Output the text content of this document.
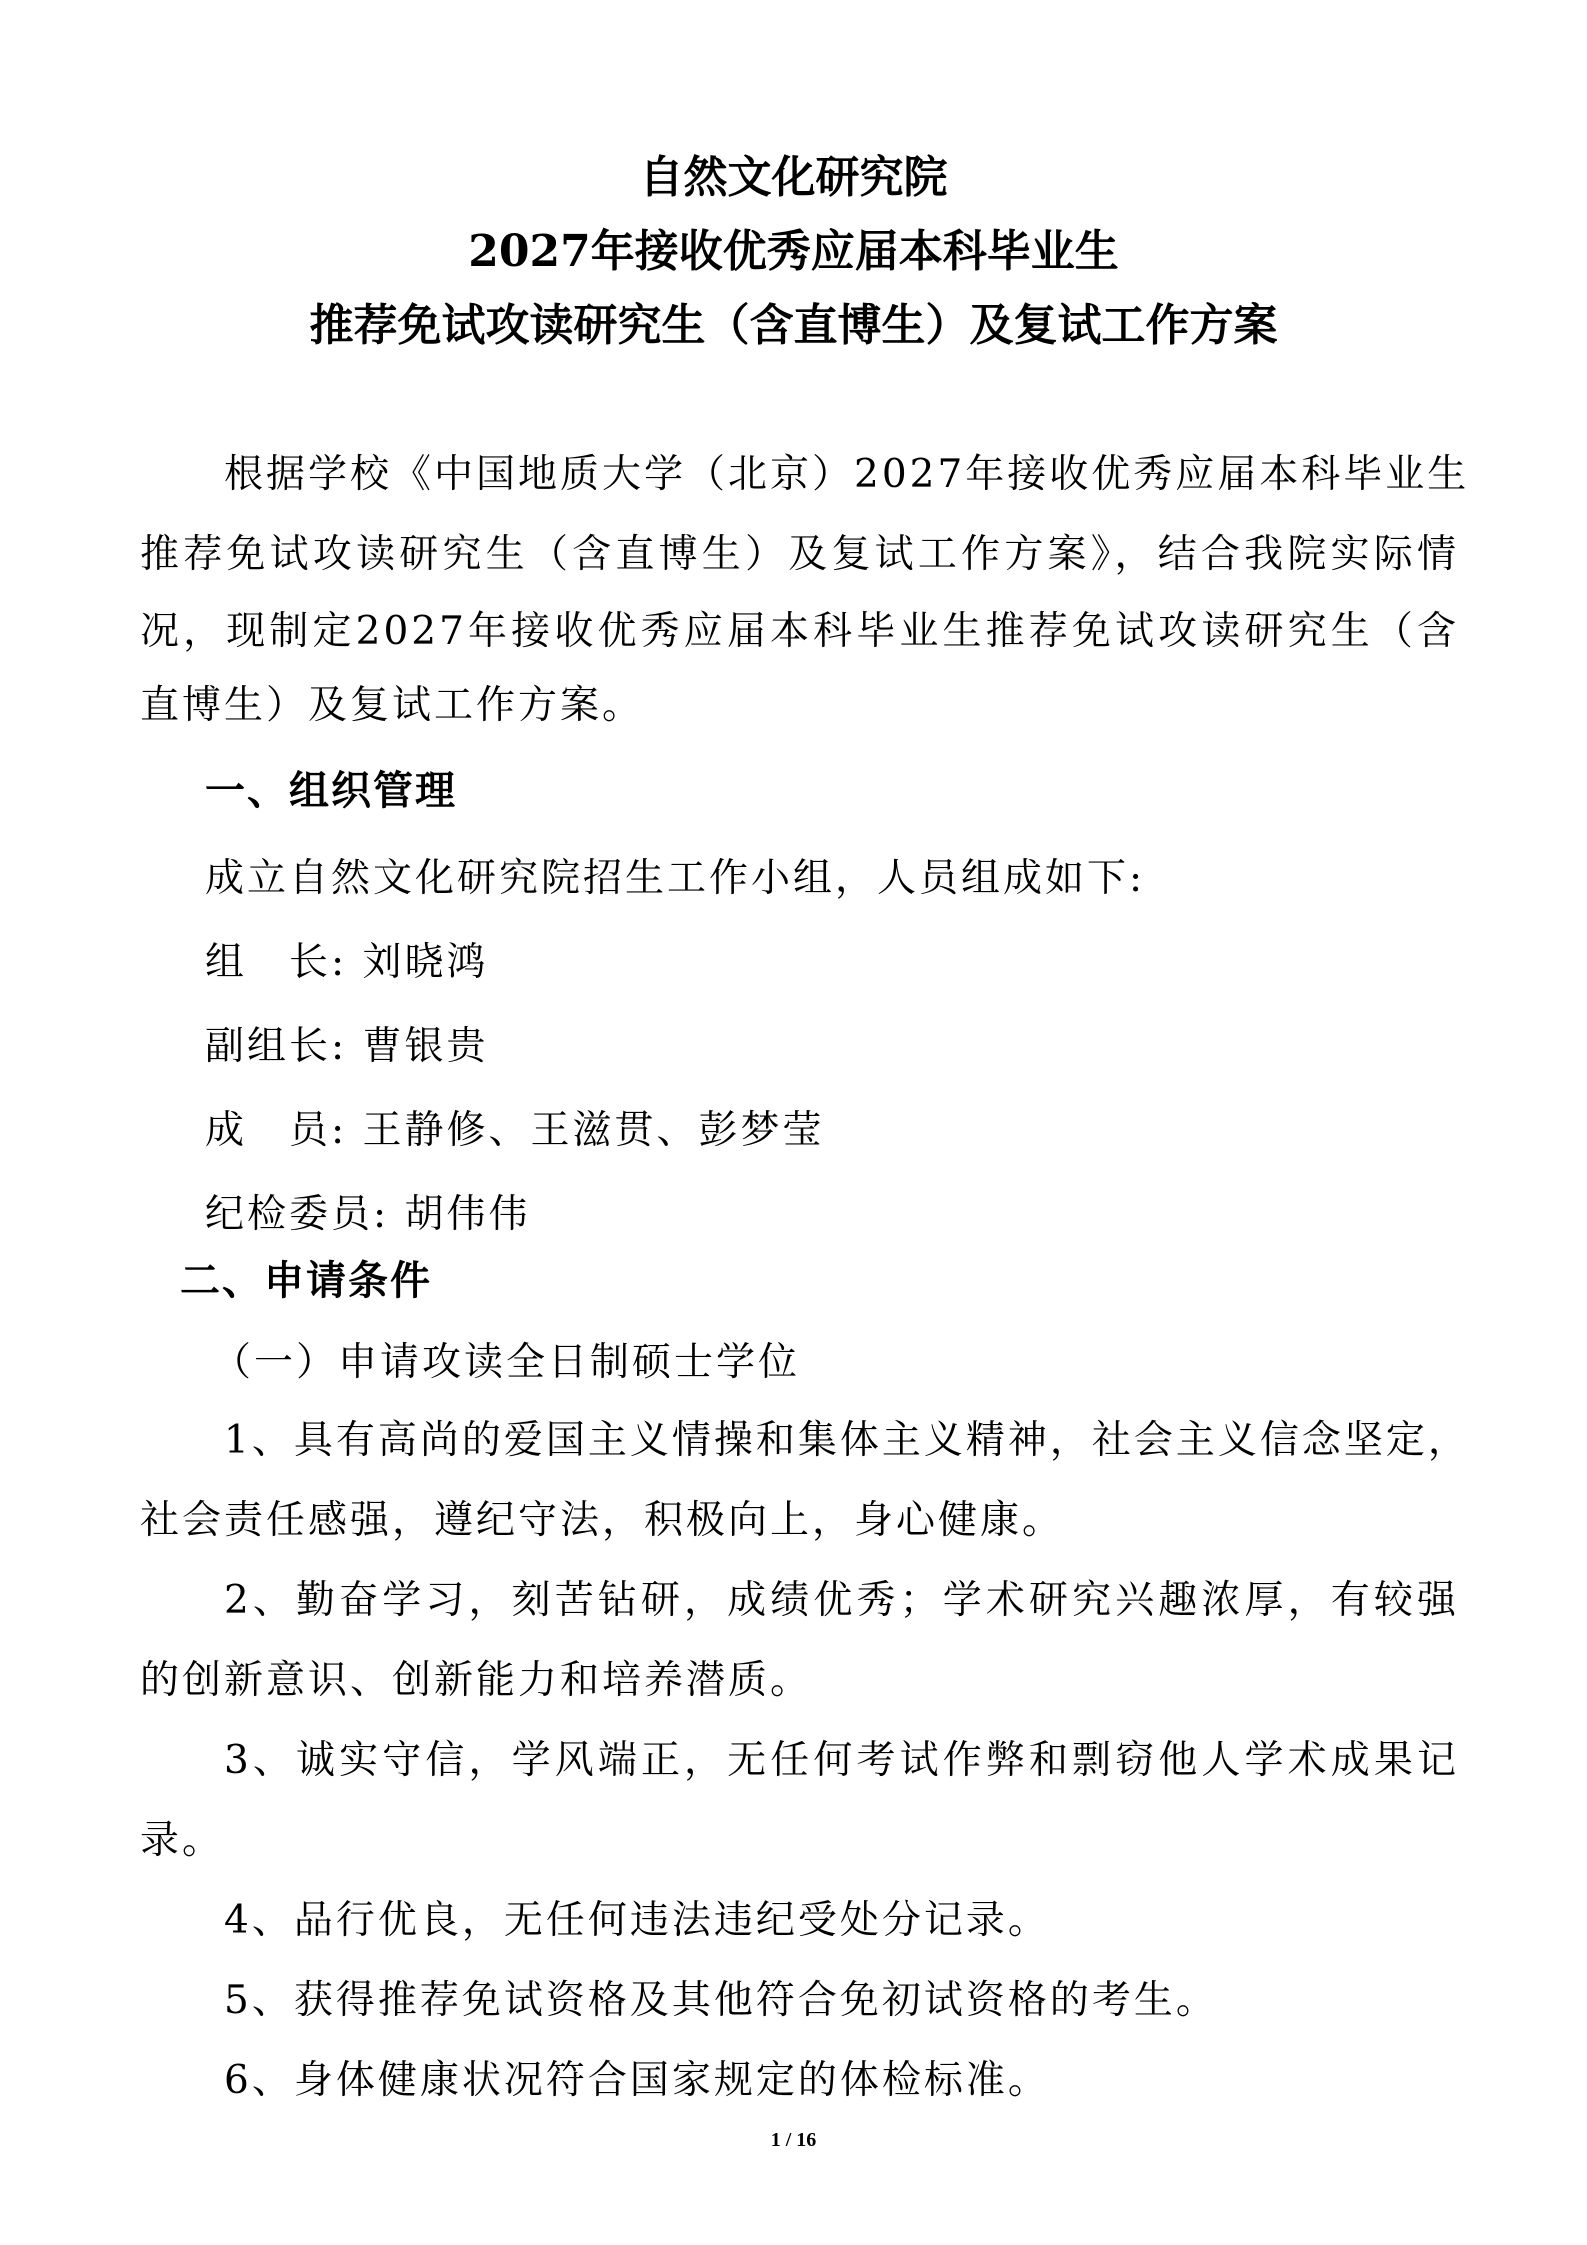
自然文化研究院
2027年接收优秀应届本科毕业生
推荐免试攻读研究生（含直博生）及复试工作方案
根据学校《中国地质大学（北京）2027年接收优秀应届本科毕业生
推荐免试攻读研究生（含直博生）及复试工作方案》，结合我院实际情
况，现制定2027年接收优秀应届本科毕业生推荐免试攻读研究生（含
直博生）及复试工作方案。
一、组织管理
成立自然文化研究院招生工作小组，人员组成如下:
组　长: 刘晓鸿
副组长: 曹银贵
成　员: 王静修、王滋贯、彭梦莹
纪检委员: 胡伟伟
二、申请条件
（一）申请攻读全日制硕士学位
1、具有高尚的爱国主义情操和集体主义精神，社会主义信念坚定，
社会责任感强，遵纪守法，积极向上，身心健康。
2、勤奋学习，刻苦钻研，成绩优秀；学术研究兴趣浓厚，有较强
的创新意识、创新能力和培养潜质。
3、诚实守信，学风端正，无任何考试作弊和剽窃他人学术成果记
录。
4、品行优良，无任何违法违纪受处分记录。
5、获得推荐免试资格及其他符合免初试资格的考生。
6、身体健康状况符合国家规定的体检标准。
1 / 16
